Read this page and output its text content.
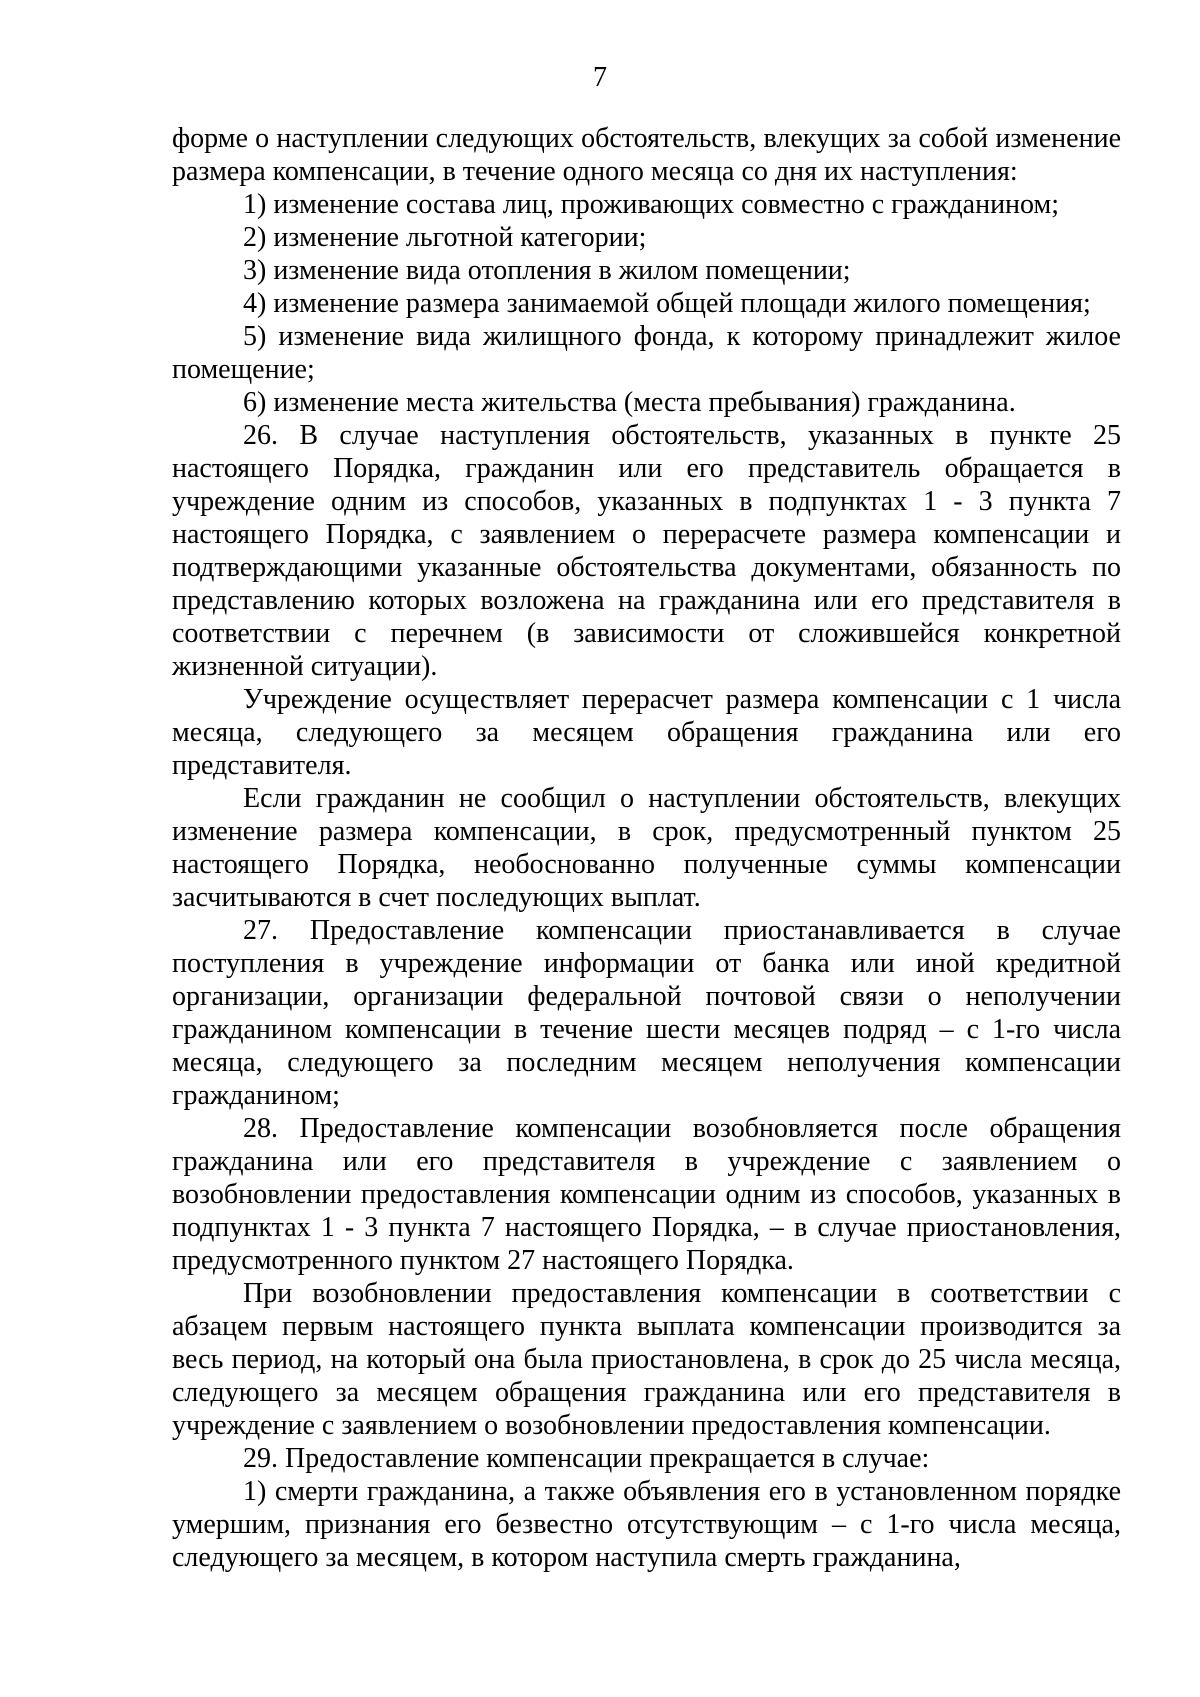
7

форме о наступлении следующих обстоятельств, влекущих за собой изменение размера компенсации, в течение одного месяца со дня их наступления:

1) изменение состава лиц, проживающих совместно с гражданином;

2) изменение льготной категории;

3) изменение вида отопления в жилом помещении;

4) изменение размера занимаемой общей площади жилого помещения;

5) изменение вида жилищного фонда, к которому принадлежит жилое помещение;

6) изменение места жительства (места пребывания) гражданина.

26. В случае наступления обстоятельств, указанных в пункте 25 настоящего Порядка, гражданин или его представитель обращается в учреждение одним из способов, указанных в подпунктах 1 - 3 пункта 7 настоящего Порядка, с заявлением о перерасчете размера компенсации и подтверждающими указанные обстоятельства документами, обязанность по представлению которых возложена на гражданина или его представителя в соответствии с перечнем (в зависимости от сложившейся конкретной жизненной ситуации).

Учреждение осуществляет перерасчет размера компенсации с 1 числа месяца, следующего за месяцем обращения гражданина или его представителя.

Если гражданин не сообщил о наступлении обстоятельств, влекущих изменение размера компенсации, в срок, предусмотренный пунктом 25 настоящего Порядка, необоснованно полученные суммы компенсации засчитываются в счет последующих выплат.

27. Предоставление компенсации приостанавливается в случае поступления в учреждение информации от банка или иной кредитной организации, организации федеральной почтовой связи о неполучении гражданином компенсации в течение шести месяцев подряд – с 1-го числа месяца, следующего за последним месяцем неполучения компенсации гражданином;

28. Предоставление компенсации возобновляется после обращения гражданина или его представителя в учреждение с заявлением о возобновлении предоставления компенсации одним из способов, указанных в подпунктах 1 - 3 пункта 7 настоящего Порядка, – в случае приостановления, предусмотренного пунктом 27 настоящего Порядка.

При возобновлении предоставления компенсации в соответствии с абзацем первым настоящего пункта выплата компенсации производится за весь период, на который она была приостановлена, в срок до 25 числа месяца, следующего за месяцем обращения гражданина или его представителя в учреждение с заявлением о возобновлении предоставления компенсации.

29. Предоставление компенсации прекращается в случае:

1) смерти гражданина, а также объявления его в установленном порядке умершим, признания его безвестно отсутствующим – с 1-го числа месяца, следующего за месяцем, в котором наступила смерть гражданина,
